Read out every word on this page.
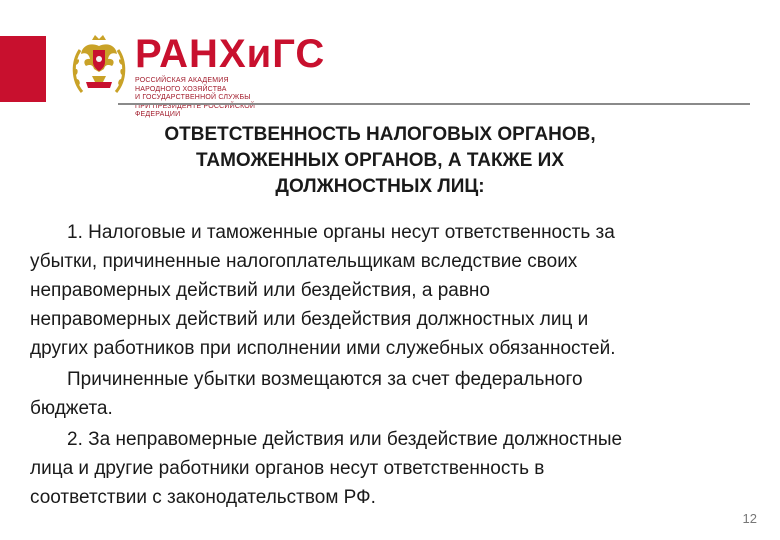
РАНХиГС
РОССИЙСКАЯ АКАДЕМИЯ НАРОДНОГО ХОЗЯЙСТВА
И ГОСУДАРСТВЕННОЙ СЛУЖБЫ
ПРИ ПРЕЗИДЕНТЕ РОССИЙСКОЙ ФЕДЕРАЦИИ
ОТВЕТСТВЕННОСТЬ НАЛОГОВЫХ ОРГАНОВ,
ТАМОЖЕННЫХ ОРГАНОВ, А ТАКЖЕ ИХ
ДОЛЖНОСТНЫХ ЛИЦ:
1. Налоговые и таможенные органы несут ответственность за
убытки, причиненные налогоплательщикам вследствие своих
неправомерных действий или бездействия, а равно
неправомерных действий или бездействия должностных лиц и
других работников при исполнении ими служебных обязанностей.
Причиненные убытки возмещаются за счет федерального
бюджета.
2. За неправомерные действия или бездействие должностные
лица и другие работники органов несут ответственность в
соответствии с законодательством РФ.
12
